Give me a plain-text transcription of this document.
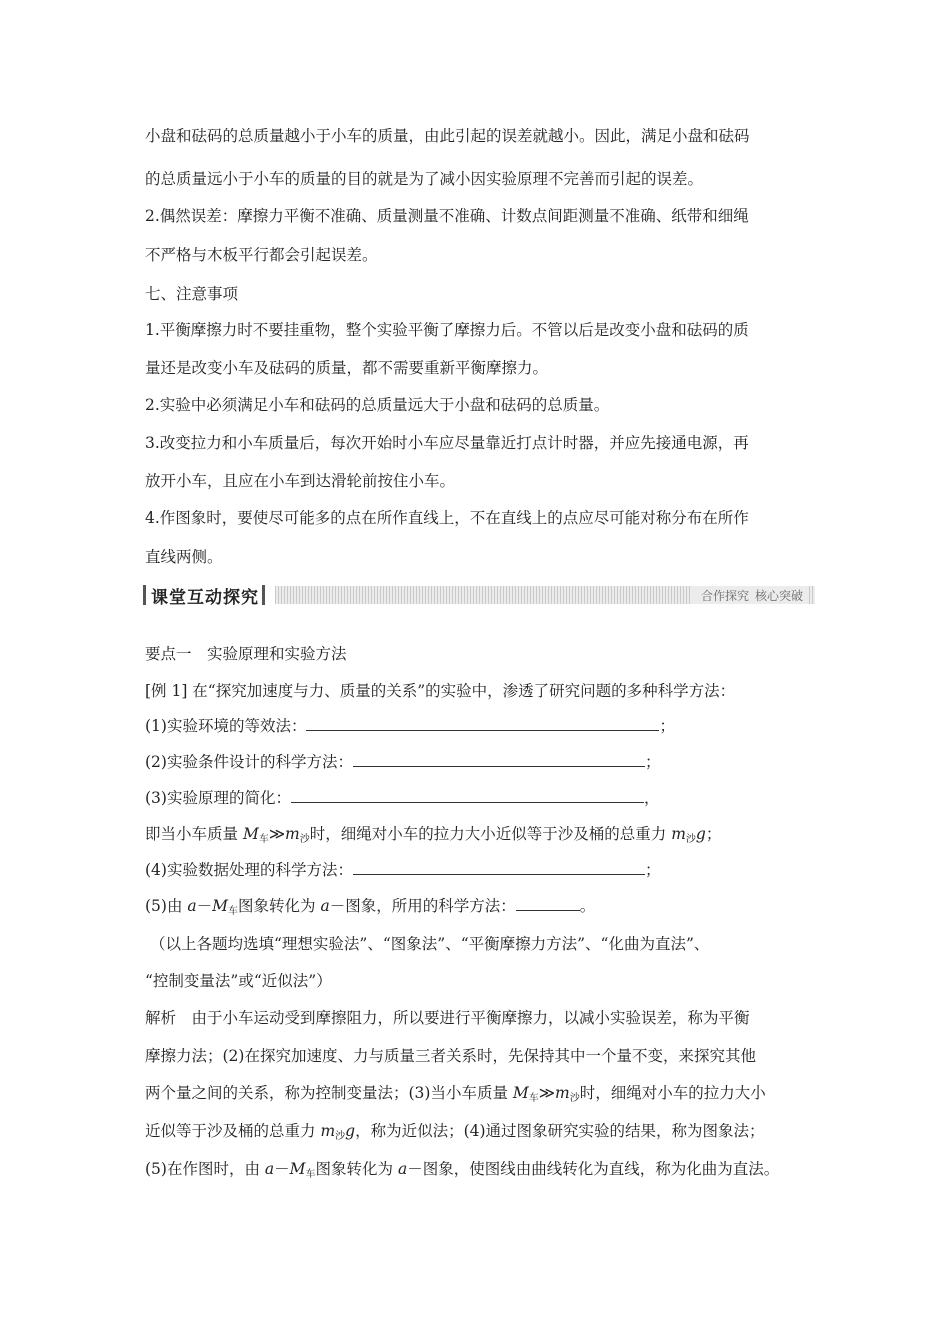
小盘和砝码的总质量越小于小车的质量，由此引起的误差就越小。因此，满足小盘和砝码
的总质量远小于小车的质量的目的就是为了减小因实验原理不完善而引起的误差。
2.偶然误差：摩擦力平衡不准确、质量测量不准确、计数点间距测量不准确、纸带和细绳
不严格与木板平行都会引起误差。
七、注意事项
1.平衡摩擦力时不要挂重物，整个实验平衡了摩擦力后。不管以后是改变小盘和砝码的质
量还是改变小车及砝码的质量，都不需要重新平衡摩擦力。
2.实验中必须满足小车和砝码的总质量远大于小盘和砝码的总质量。
3.改变拉力和小车质量后，每次开始时小车应尽量靠近打点计时器，并应先接通电源，再
放开小车，且应在小车到达滑轮前按住小车。
4.作图象时，要使尽可能多的点在所作直线上，不在直线上的点应尽可能对称分布在所作
直线两侧。
课堂互动探究	合作探究 核心突破
要点一　实验原理和实验方法
[例 1] 在“探究加速度与力、质量的关系”的实验中，渗透了研究问题的多种科学方法：
(1)实验环境的等效法：	；
(2)实验条件设计的科学方法：	；
(3)实验原理的简化：	，
即当小车质量 $M_车≫m_沙$时，细绳对小车的拉力大小近似等于沙及桶的总重力 $m_沙g$；
(4)实验数据处理的科学方法：	；
(5)由 $a-M_车$图象转化为 a－图象，所用的科学方法：	。
（以上各题均选填“理想实验法”、“图象法”、“平衡摩擦力方法”、“化曲为直法”、
“控制变量法”或“近似法”）
解析　由于小车运动受到摩擦阻力，所以要进行平衡摩擦力，以减小实验误差，称为平衡
摩擦力法；(2)在探究加速度、力与质量三者关系时，先保持其中一个量不变，来探究其他
两个量之间的关系，称为控制变量法；(3)当小车质量 $M_车≫m_沙$时，细绳对小车的拉力大小
近似等于沙及桶的总重力 $m_沙g$，称为近似法；(4)通过图象研究实验的结果，称为图象法；
(5)在作图时，由 $a-M_车$图象转化为 a－图象，使图线由曲线转化为直线，称为化曲为直法。
